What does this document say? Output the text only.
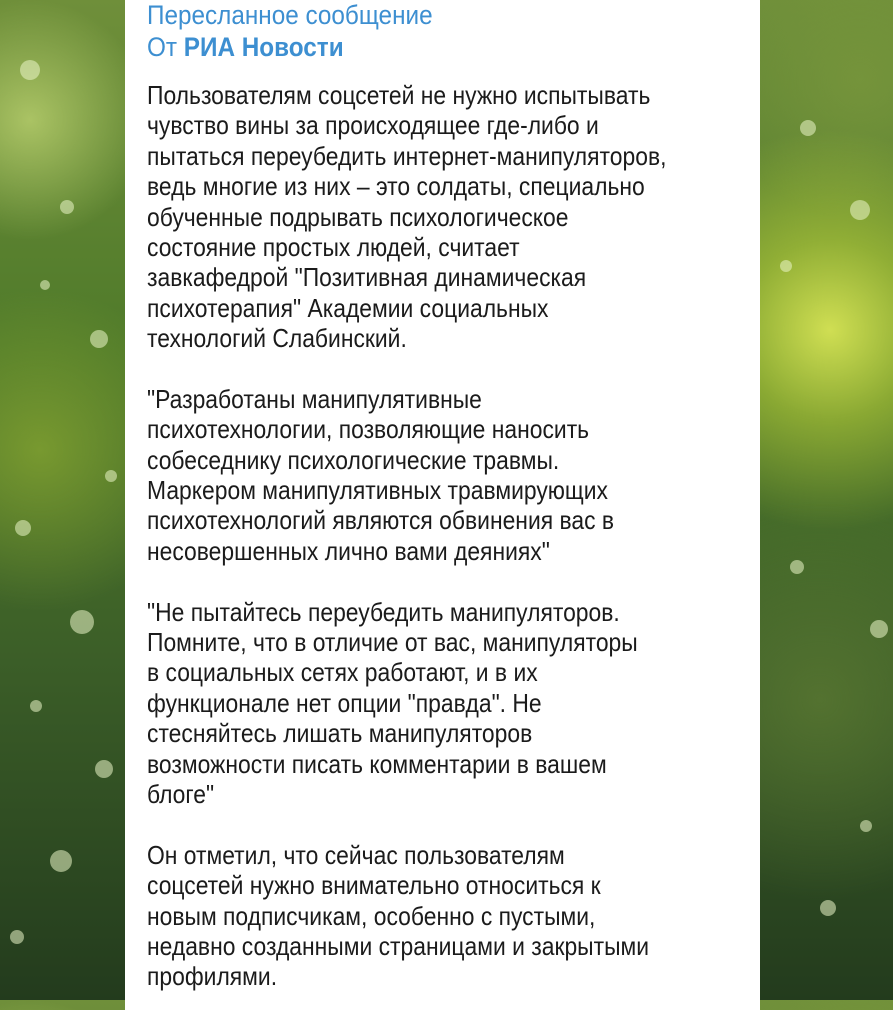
Пересланное сообщение
От РИА Новости
Пользователям соцсетей не нужно испытывать
чувство вины за происходящее где-либо и
пытаться переубедить интернет-манипуляторов,
ведь многие из них – это солдаты, специально
обученные подрывать психологическое
состояние простых людей, считает
завкафедрой "Позитивная динамическая
психотерапия" Академии социальных
технологий Слабинский.
"Разработаны манипулятивные
психотехнологии, позволяющие наносить
собеседнику психологические травмы.
Маркером манипулятивных травмирующих
психотехнологий являются обвинения вас в
несовершенных лично вами деяниях"
"Не пытайтесь переубедить манипуляторов.
Помните, что в отличие от вас, манипуляторы
в социальных сетях работают, и в их
функционале нет опции "правда". Не
стесняйтесь лишать манипуляторов
возможности писать комментарии в вашем
блоге"
Он отметил, что сейчас пользователям
соцсетей нужно внимательно относиться к
новым подписчикам, особенно с пустыми,
недавно созданными страницами и закрытыми
профилями.
